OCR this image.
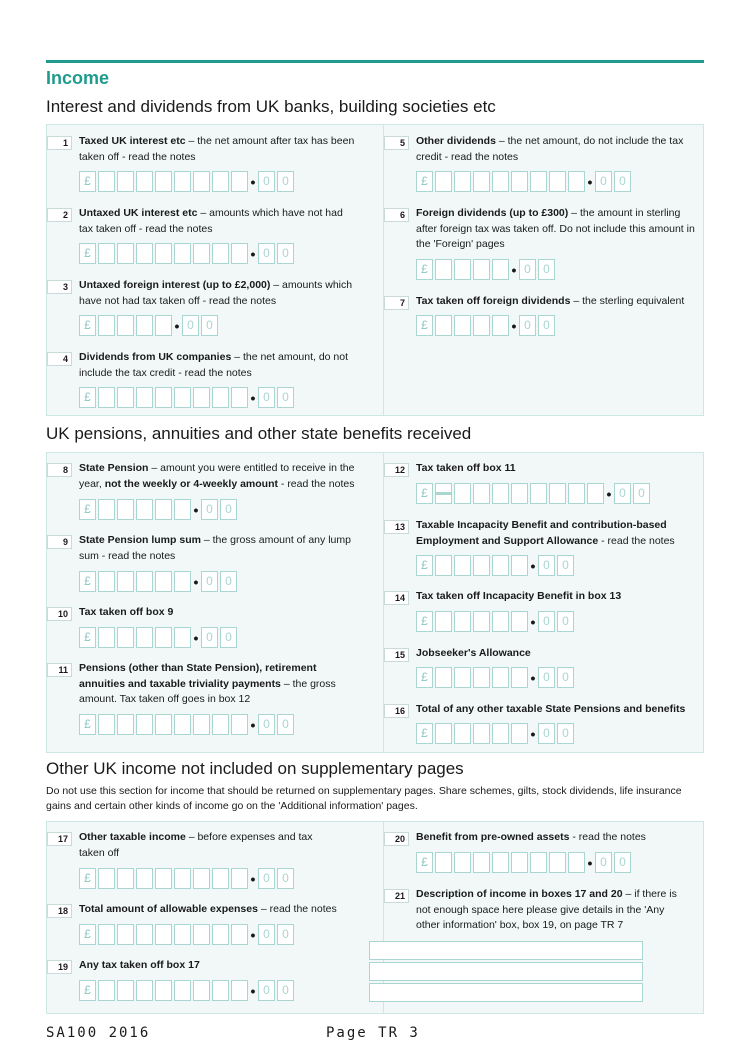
Income
Interest and dividends from UK banks, building societies etc
UK pensions, annuities and other state benefits received
Other UK income not included on supplementary pages
Do not use this section for income that should be returned on supplementary pages. Share schemes, gilts, stock dividends, life insurance gains and certain other kinds of income go on the 'Additional information' pages.
1	Taxed UK interest etc – the net amount after tax has been taken off - read the notes
£	• 0	0
2	Untaxed UK interest etc – amounts which have not had tax taken off - read the notes
£	• 0	0
3	Untaxed foreign interest (up to £2,000) – amounts which have not had tax taken off - read the notes
£	• 0	0
4	Dividends from UK companies – the net amount, do not include the tax credit - read the notes
£	• 0	0
5	Other dividends – the net amount, do not include the tax credit - read the notes
£	• 0	0
6	Foreign dividends (up to £300) – the amount in sterling after foreign tax was taken off. Do not include this amount in the 'Foreign' pages
£	• 0	0
7	Tax taken off foreign dividends – the sterling equivalent
£	• 0	0
8	State Pension – amount you were entitled to receive in the year, not the weekly or 4-weekly amount - read the notes
£	• 0	0
9	State Pension lump sum – the gross amount of any lump sum - read the notes
£	• 0	0
10	Tax taken off box 9
£	• 0	0
11	Pensions (other than State Pension), retirement annuities and taxable triviality payments – the gross amount. Tax taken off goes in box 12
£	• 0	0
12	Tax taken off box 11
£	• 0	0
13	Taxable Incapacity Benefit and contribution-based Employment and Support Allowance - read the notes
£	• 0	0
14	Tax taken off Incapacity Benefit in box 13
£	• 0	0
15	Jobseeker's Allowance
£	• 0	0
16	Total of any other taxable State Pensions and benefits
£	• 0	0
17	Other taxable income – before expenses and tax taken off
£	• 0	0
18	Total amount of allowable expenses – read the notes
£	• 0	0
19	Any tax taken off box 17
£	• 0	0
20	Benefit from pre-owned assets - read the notes
£	• 0	0
21	Description of income in boxes 17 and 20 – if there is not enough space here please give details in the 'Any other information' box, box 19, on page TR 7
SA100 2016	Page TR 3
